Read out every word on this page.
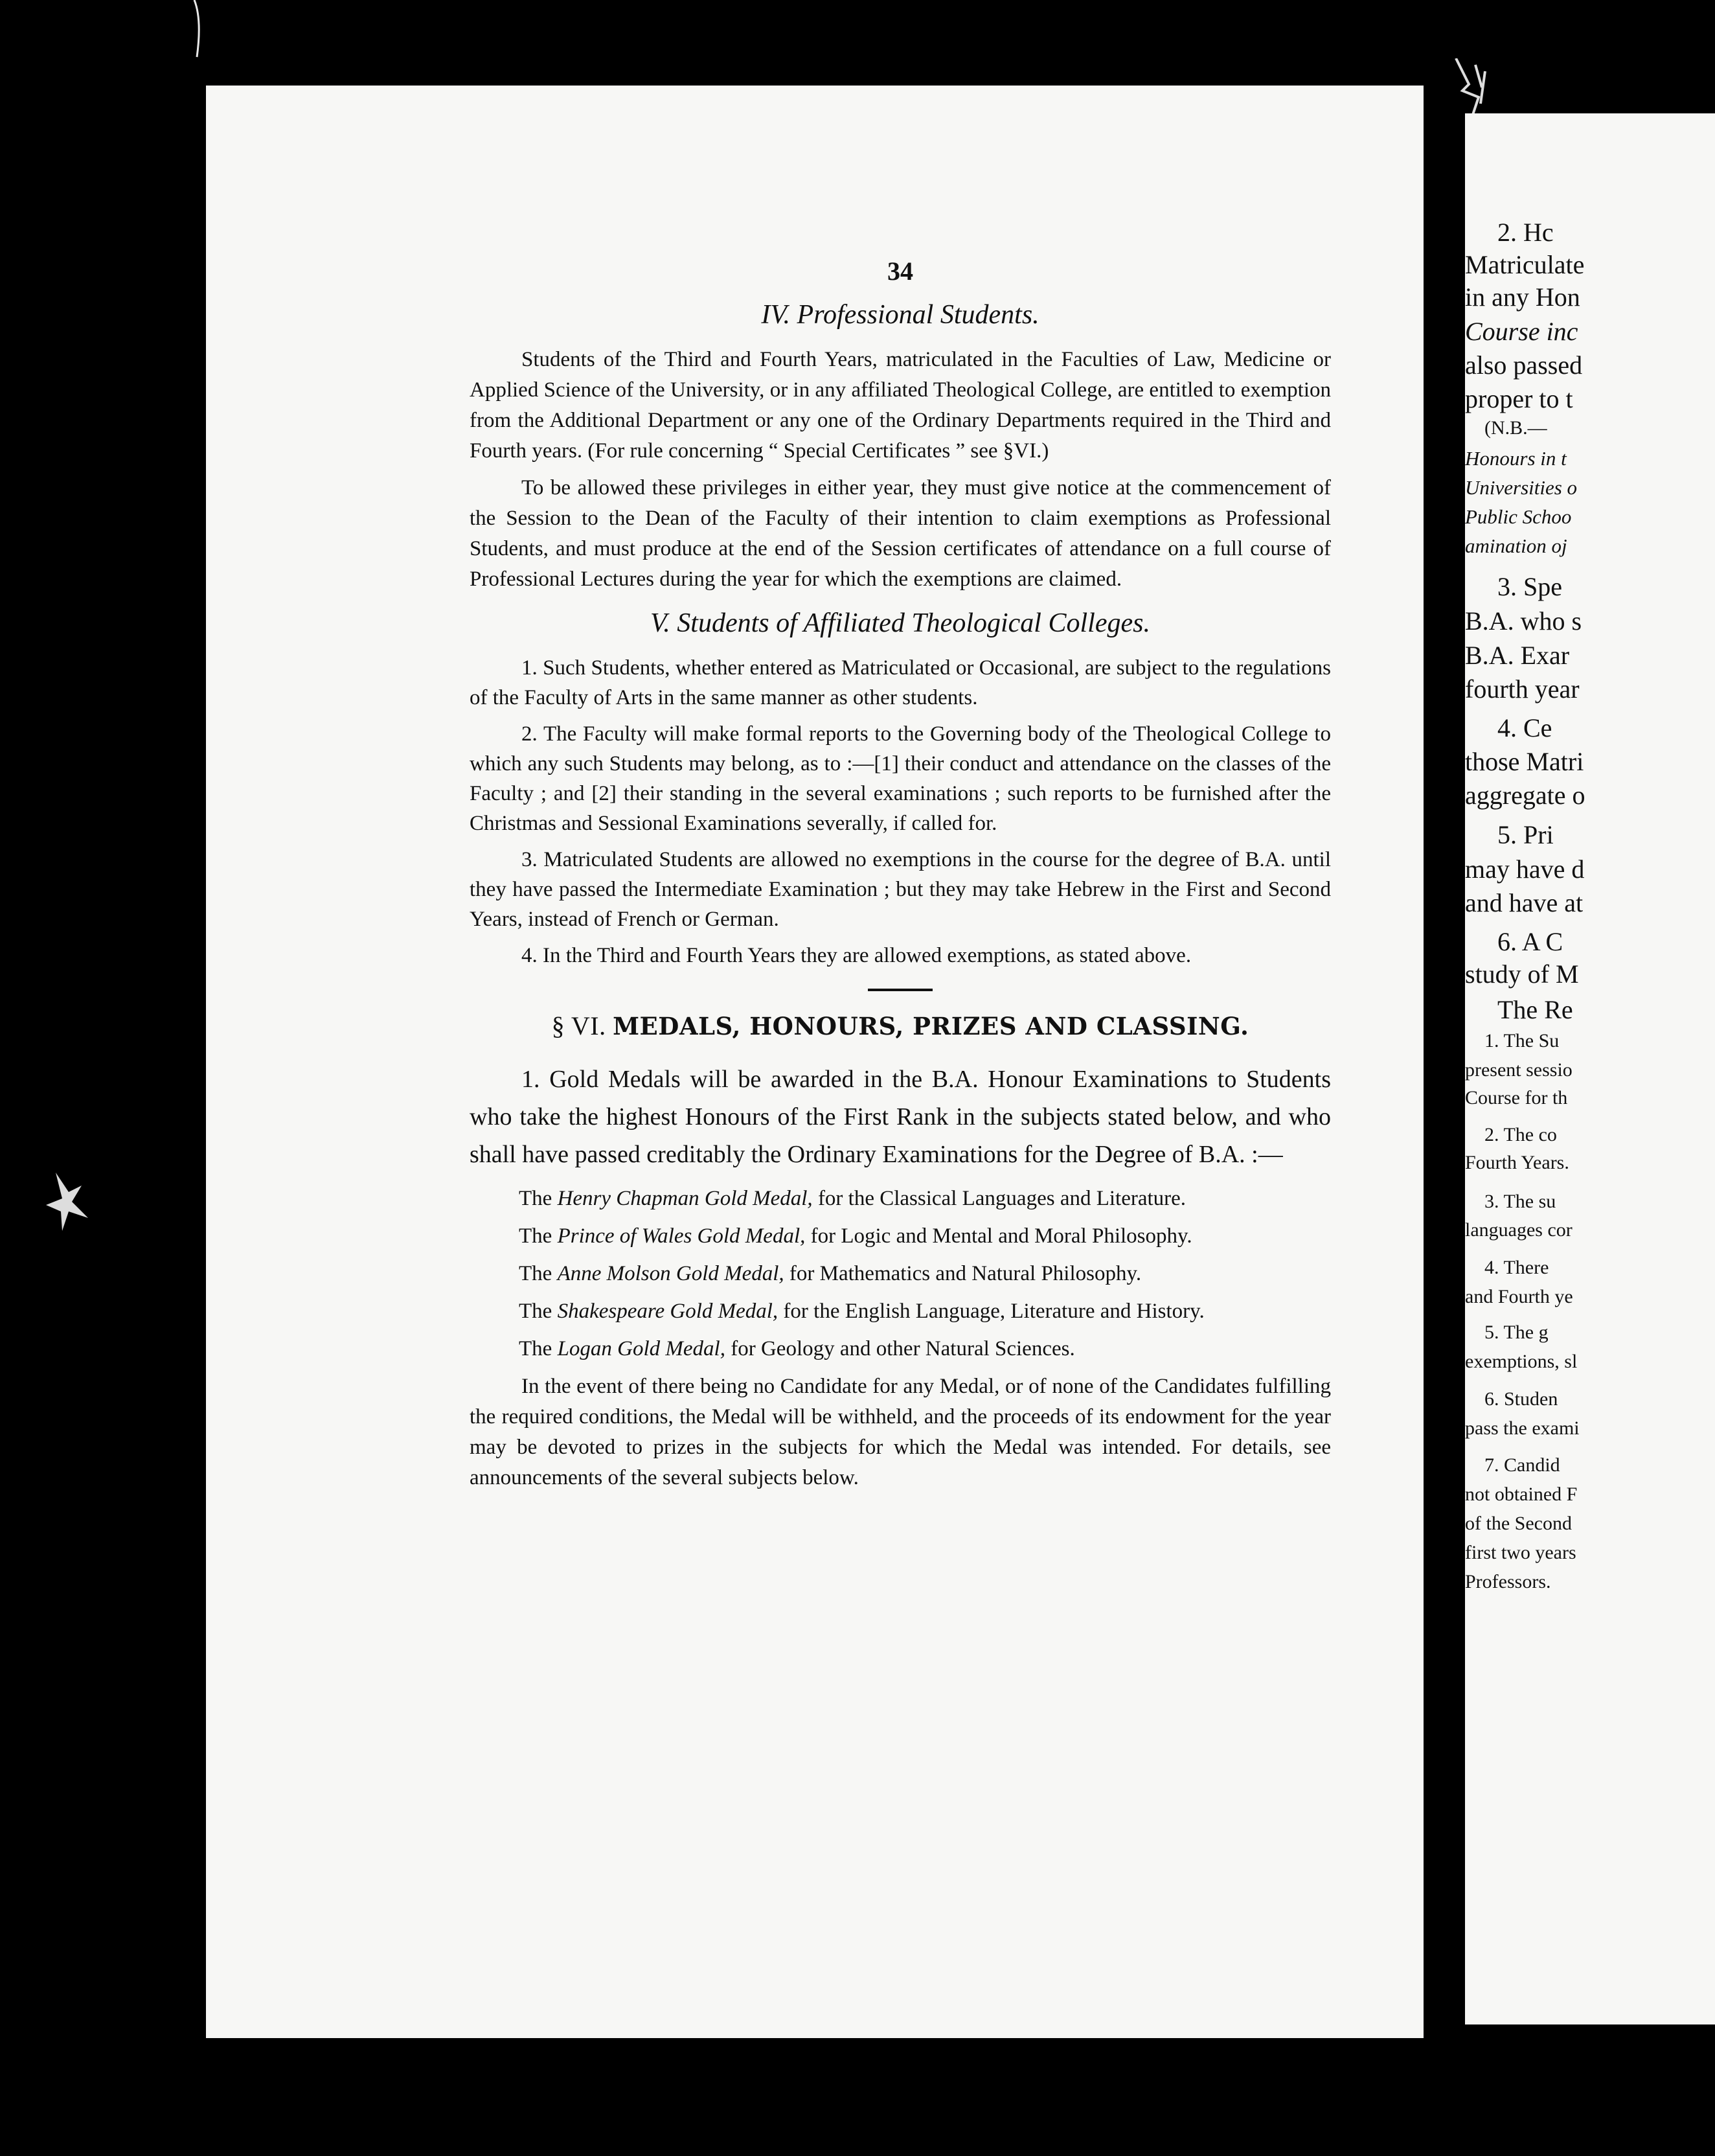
34
IV. Professional Students.

Students of the Third and Fourth Years, matriculated in the Faculties of Law, Medicine or Applied Science of the University, or in any affiliated Theological College, are entitled to exemption from the Additional Department or any one of the Ordinary Departments required in the Third and Fourth years. (For rule concerning “ Special Certificates ” see §VI.)

To be allowed these privileges in either year, they must give notice at the commencement of the Session to the Dean of the Faculty of their intention to claim exemptions as Professional Students, and must produce at the end of the Session certificates of attendance on a full course of Professional Lectures during the year for which the exemptions are claimed.

V. Students of Affiliated Theological Colleges.

1. Such Students, whether entered as Matriculated or Occasional, are subject to the regulations of the Faculty of Arts in the same manner as other students.

2. The Faculty will make formal reports to the Governing body of the Theological College to which any such Students may belong, as to :—[1] their conduct and attendance on the classes of the Faculty ; and [2] their standing in the several examinations ; such reports to be furnished after the Christmas and Sessional Examinations severally, if called for.

3. Matriculated Students are allowed no exemptions in the course for the degree of B.A. until they have passed the Intermediate Examination ; but they may take Hebrew in the First and Second Years, instead of French or German.

4. In the Third and Fourth Years they are allowed exemptions, as stated above.

§ VI. MEDALS, HONOURS, PRIZES AND CLASSING.

1. Gold Medals will be awarded in the B.A. Honour Examinations to Students who take the highest Honours of the First Rank in the subjects stated below, and who shall have passed creditably the Ordinary Examinations for the Degree of B.A. :—

The Henry Chapman Gold Medal, for the Classical Languages and Literature.

The Prince of Wales Gold Medal, for Logic and Mental and Moral Philosophy.

The Anne Molson Gold Medal, for Mathematics and Natural Philosophy.

The Shakespeare Gold Medal, for the English Language, Literature and History.

The Logan Gold Medal, for Geology and other Natural Sciences.

In the event of there being no Candidate for any Medal, or of none of the Candidates fulfilling the required conditions, the Medal will be withheld, and the proceeds of its endowment for the year may be devoted to prizes in the subjects for which the Medal was intended. For details, see announcements of the several subjects below.

2. Hc
Matriculate
in any Hon
Course inc
also passed
proper to t
(N.B.—
Honours in t
Universities o
Public Schoo
amination oj
3. Spe
B.A. who s
B.A. Exar
fourth year
4. Ce
those Matri
aggregate o
5. Pri
may have d
and have at
6. A C
study of M
The Re
1. The Su
present sessio
Course for th
2. The co
Fourth Years.
3. The su
languages cor
4. There
and Fourth ye
5. The g
exemptions, sl
6. Studen
pass the exami
7. Candid
not obtained F
of the Second
first two years
Professors.
